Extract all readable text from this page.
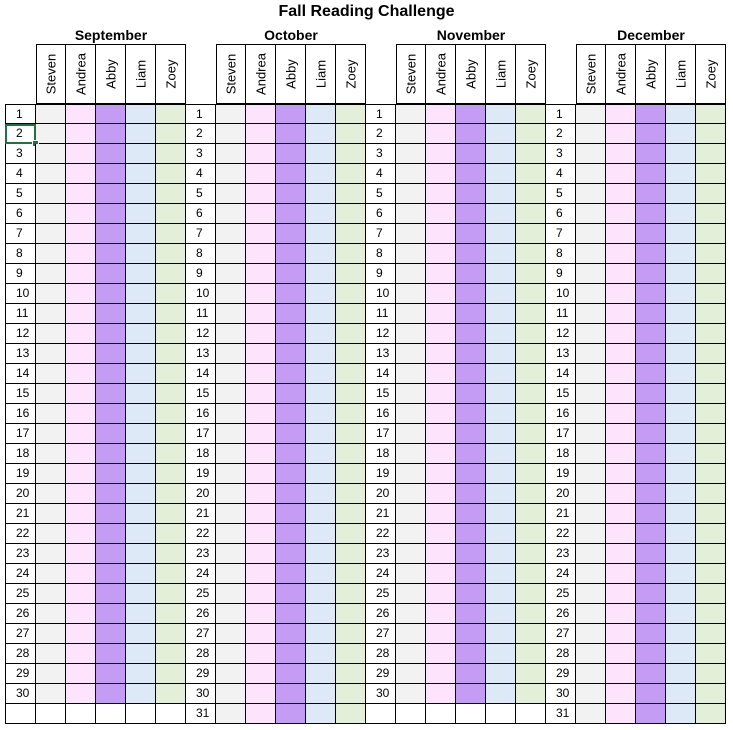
Fall Reading Challenge
September
Steven Andrea Abby Liam Zoey
1
2
3
4
5
6
7
8
9
10
11
12
13
14
15
16
17
18
19
20
21
22
23
24
25
26
27
28
29
30
October
Steven Andrea Abby Liam Zoey
1
2
3
4
5
6
7
8
9
10
11
12
13
14
15
16
17
18
19
20
21
22
23
24
25
26
27
28
29
30
31
November
Steven Andrea Abby Liam Zoey
1
2
3
4
5
6
7
8
9
10
11
12
13
14
15
16
17
18
19
20
21
22
23
24
25
26
27
28
29
30
December
Steven Andrea Abby Liam Zoey
1
2
3
4
5
6
7
8
9
10
11
12
13
14
15
16
17
18
19
20
21
22
23
24
25
26
27
28
29
30
31
